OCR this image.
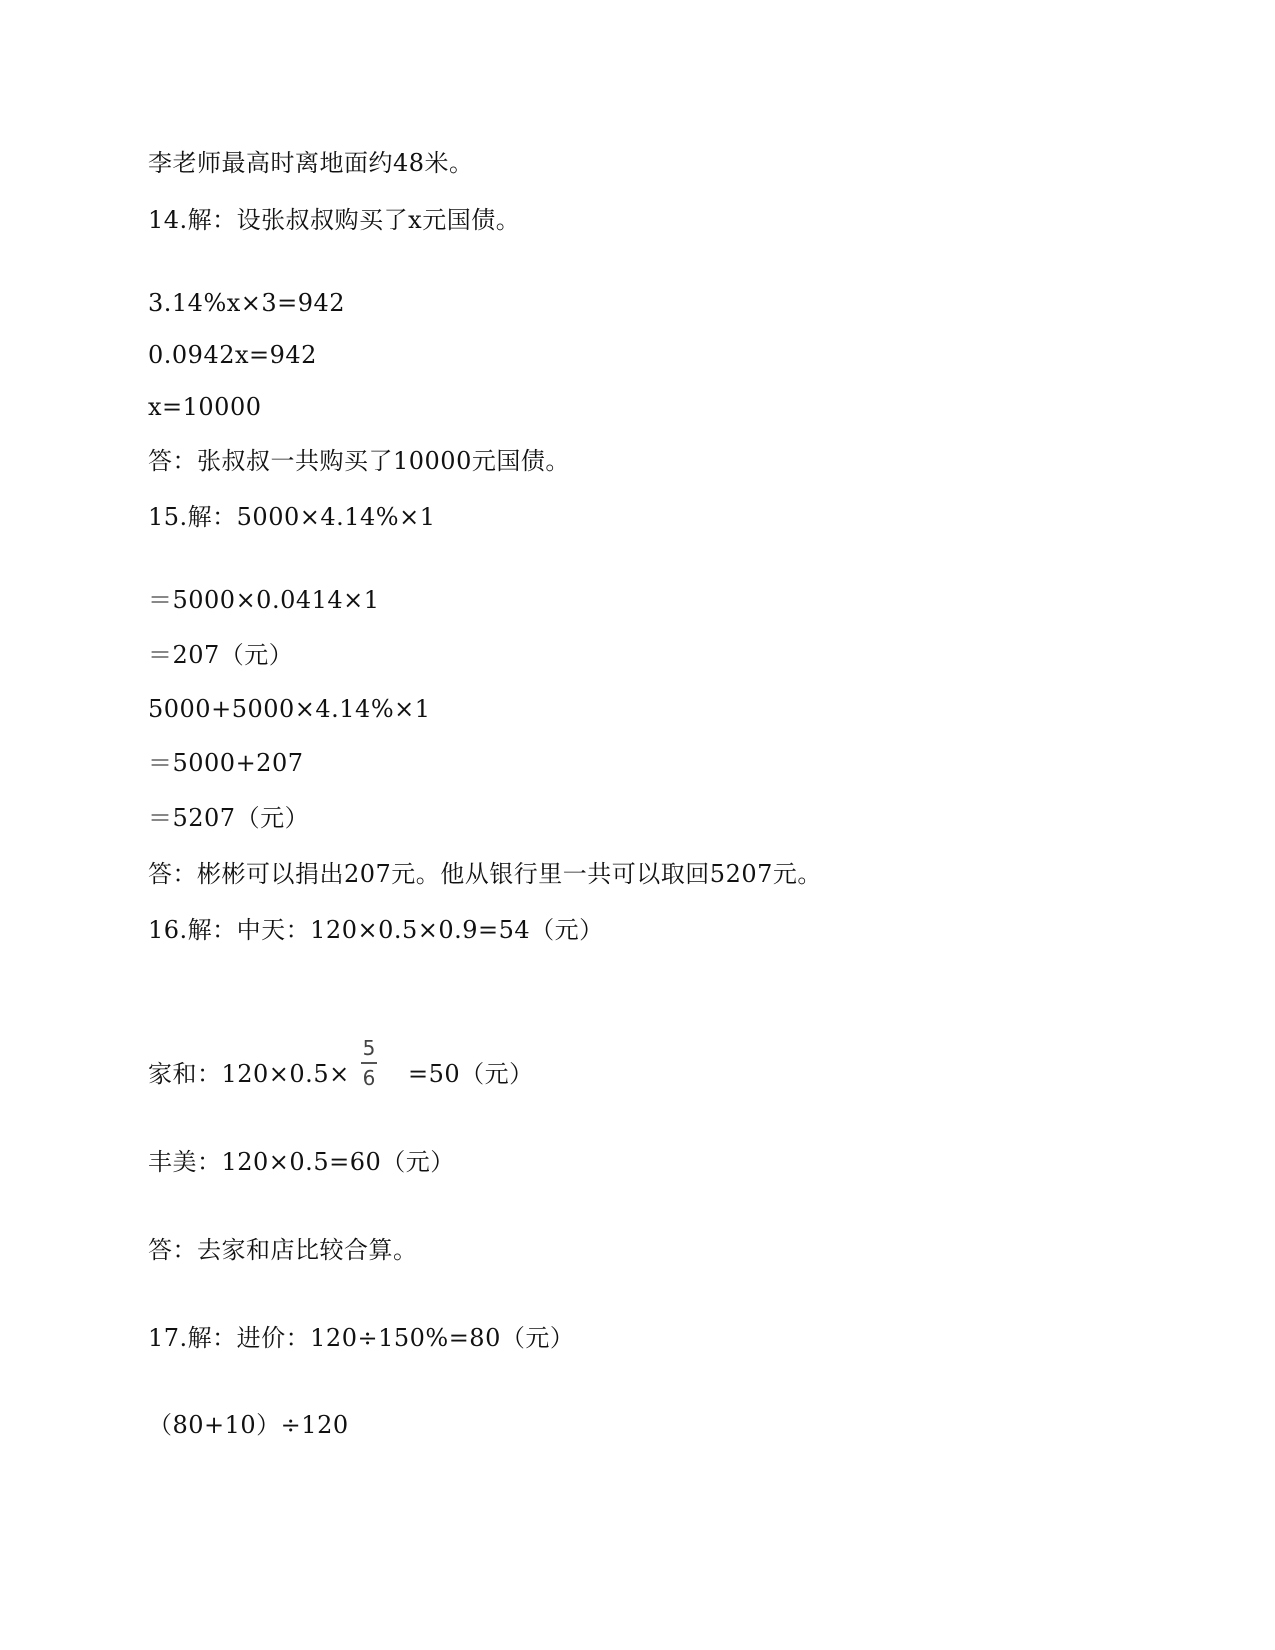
李老师最高时离地面约48米。
14.解：设张叔叔购买了x元国债。
3.14%x×3=942
0.0942x=942
x=10000
答：张叔叔一共购买了10000元国债。
15.解：5000×4.14%×1
＝5000×0.0414×1
＝207（元）
5000+5000×4.14%×1
＝5000+207
＝5207（元）
答：彬彬可以捐出207元。他从银行里一共可以取回5207元。
16.解：中天：120×0.5×0.9=54（元）
家和：120×0.5×
5
6 =50（元）
丰美：120×0.5=60（元）
答：去家和店比较合算。
17.解：进价：120÷150%=80（元）
（80+10）÷120
